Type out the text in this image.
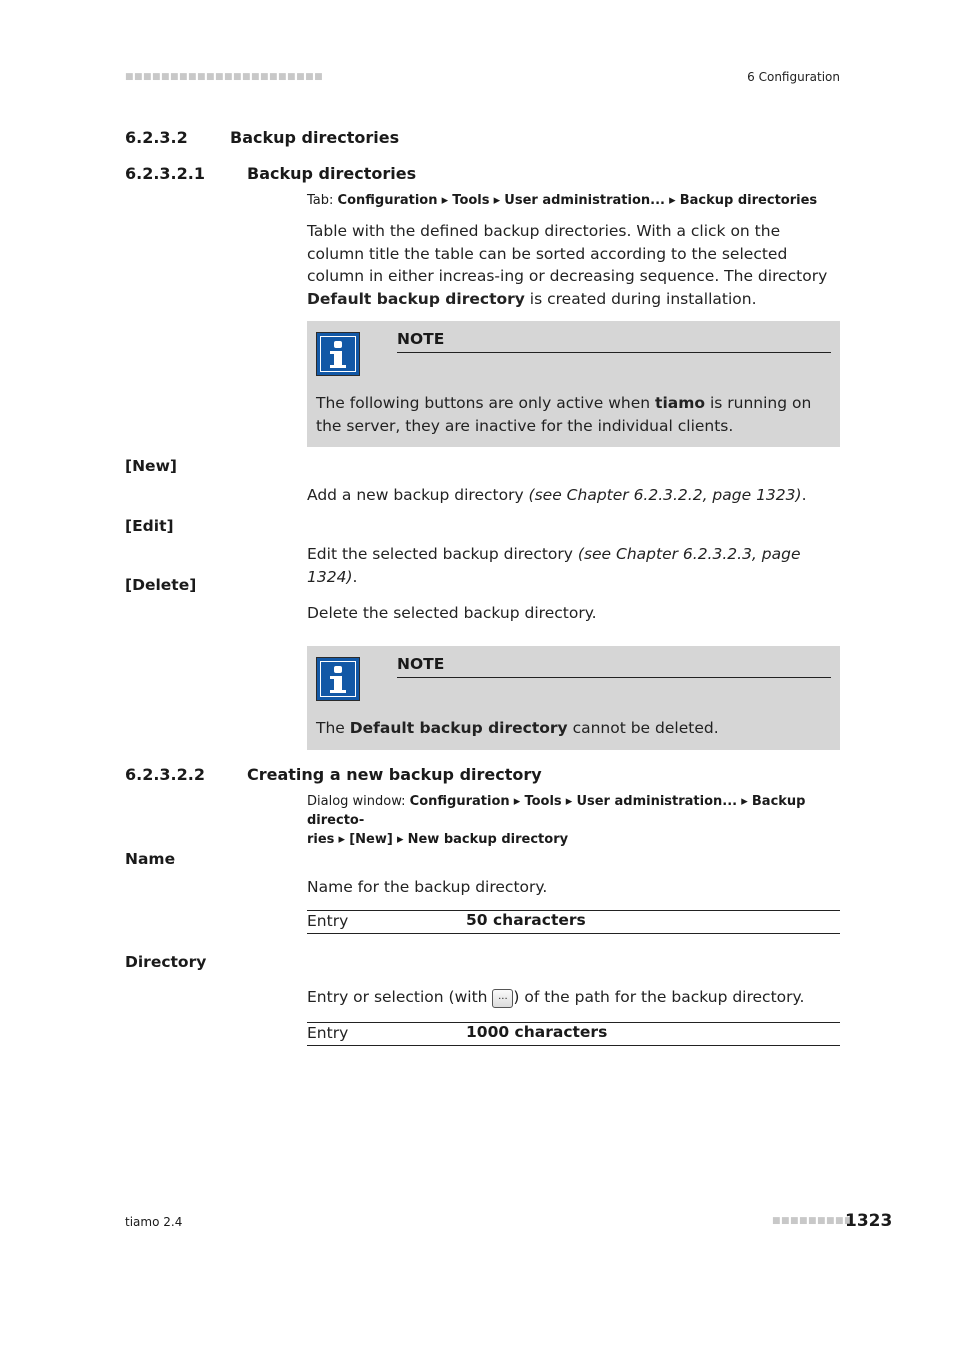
■■■■■■■■■■■■■■■■■■■■■■	6 Configuration
6.2.3.2	Backup directories
6.2.3.2.1	Backup directories
Tab: Configuration ▸ Tools ▸ User administration... ▸ Backup directories
Table with the defined backup directories. With a click on the column title the table can be sorted according to the selected column in either increas-ing or decreasing sequence. The directory Default backup directory is created during installation.
NOTE
The following buttons are only active when tiamo is running on the server, they are inactive for the individual clients.
[New]
Add a new backup directory (see Chapter 6.2.3.2.2, page 1323).
[Edit]
Edit the selected backup directory (see Chapter 6.2.3.2.3, page 1324).
[Delete]
Delete the selected backup directory.
NOTE
The Default backup directory cannot be deleted.
6.2.3.2.2	Creating a new backup directory
Dialog window: Configuration ▸ Tools ▸ User administration... ▸ Backup directo-
ries ▸ [New] ▸ New backup directory
Name
Name for the backup directory.
Entry	50 characters
Directory
Entry or selection (with ... ) of the path for the backup directory.
Entry	1000 characters
tiamo 2.4	■■■■■■■■■
1323
